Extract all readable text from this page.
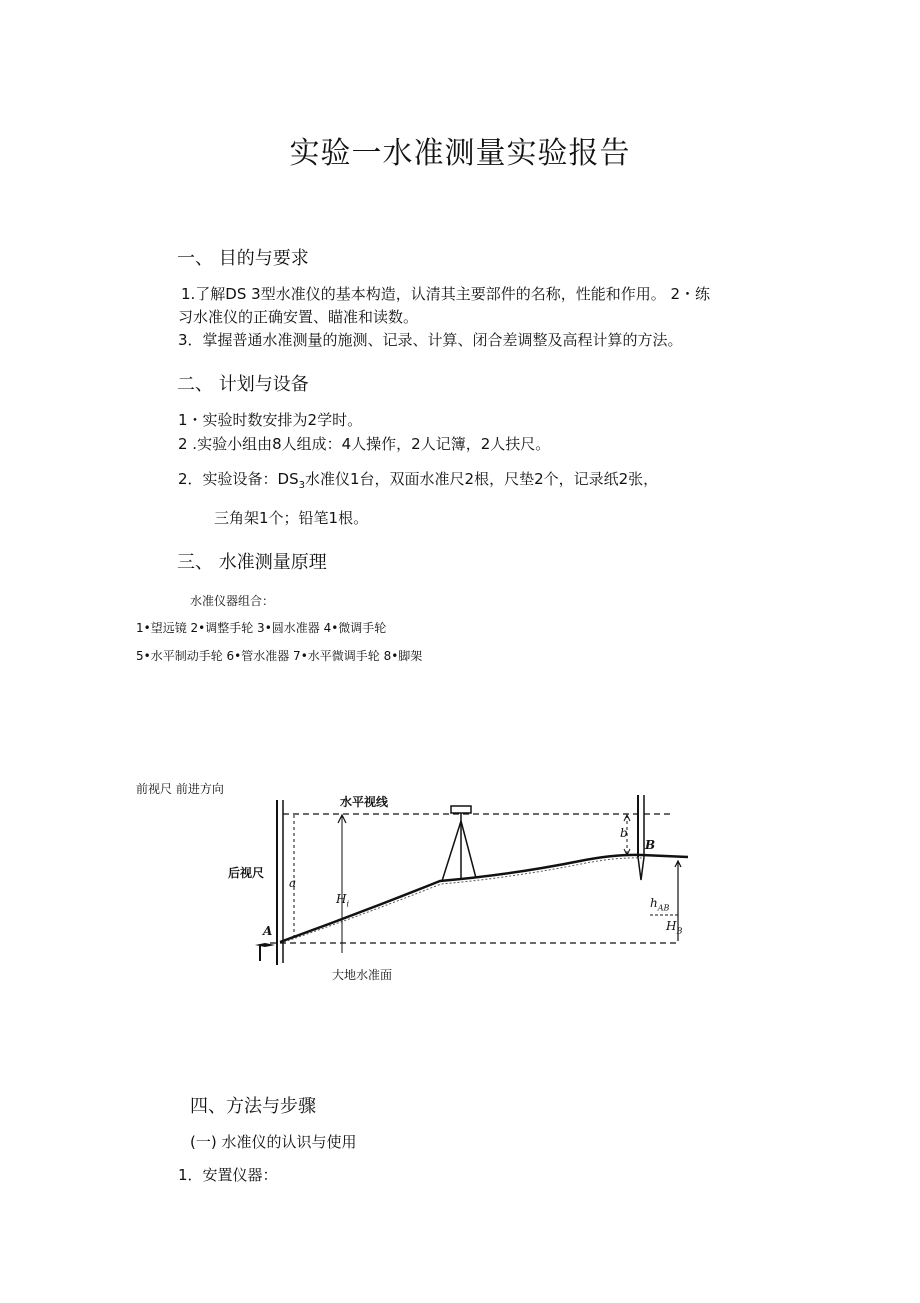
实验一水准测量实验报告
一、 目的与要求
1.了解DS 3型水准仪的基本构造，认清其主要部件的名称，性能和作用。 2・练
习水准仪的正确安置、瞄准和读数。
3．掌握普通水准测量的施测、记录、计算、闭合差调整及高程计算的方法。
二、 计划与设备
1・实验时数安排为2学时。
2 .实验小组由8人组成：4人操作，2人记簿，2人扶尺。
2．实验设备：$DS_3$水准仪1台，双面水准尺2根，尺垫2个，记录纸2张，
三角架1个；铅笔1根。
三、 水准测量原理
水准仪器组合：
1•望远镜 2•调整手轮 3•圆水准器 4•微调手轮
5•水平制动手轮 6•管水准器 7•水平微调手轮 8•脚架
前视尺 前进方向
水平视线
后视尺
a
b
$H_i$
A
B
$h_{AB}$
$H_B$
大地水准面
四、方法与步骤
(一) 水准仪的认识与使用
1．安置仪器：
